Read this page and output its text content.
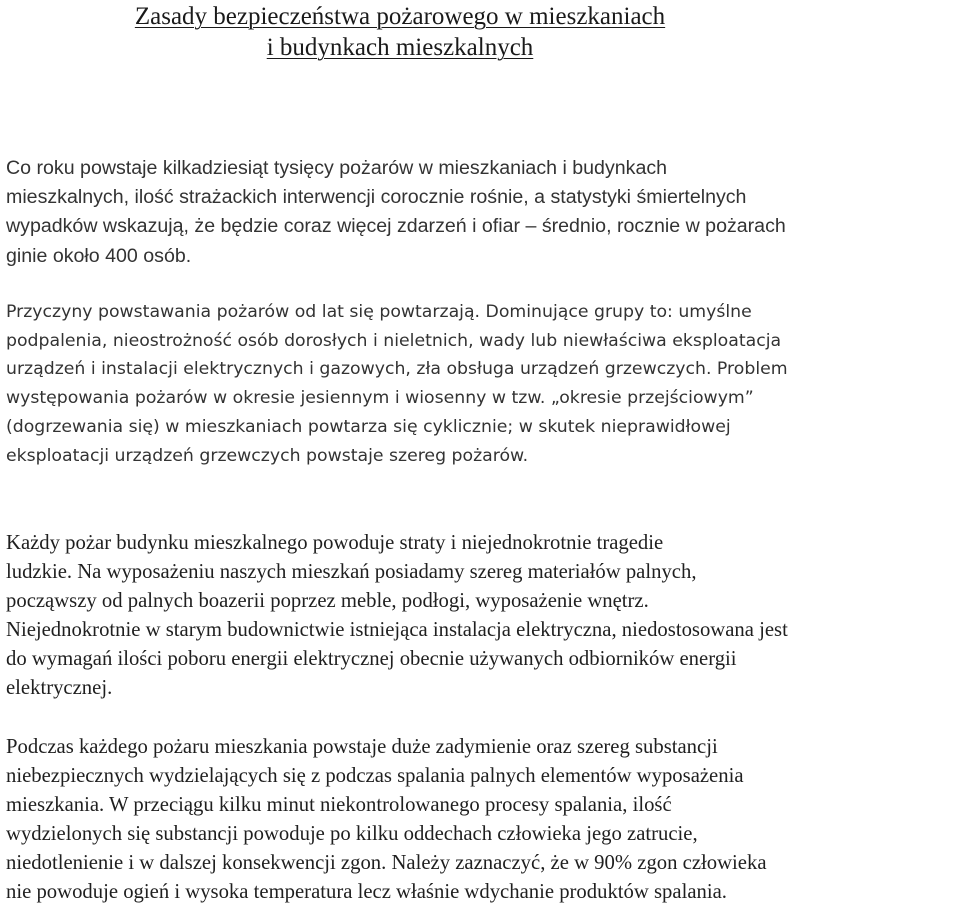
Zasady bezpieczeństwa pożarowego w mieszkaniach
i budynkach mieszkalnych
Co roku powstaje kilkadziesiąt tysięcy pożarów w mieszkaniach i budynkach
mieszkalnych, ilość strażackich interwencji corocznie rośnie, a statystyki śmiertelnych
wypadków wskazują, że będzie coraz więcej zdarzeń i ofiar – średnio, rocznie w pożarach
ginie około 400 osób.
Przyczyny powstawania pożarów od lat się powtarzają. Dominujące grupy to: umyślne
podpalenia, nieostrożność osób dorosłych i nieletnich, wady lub niewłaściwa eksploatacja
urządzeń i instalacji elektrycznych i gazowych, zła obsługa urządzeń grzewczych. Problem
występowania pożarów w okresie jesiennym i wiosenny w tzw. „okresie przejściowym”
(dogrzewania się) w mieszkaniach powtarza się cyklicznie; w skutek nieprawidłowej
eksploatacji urządzeń grzewczych powstaje szereg pożarów.
Każdy pożar budynku mieszkalnego powoduje straty i niejednokrotnie tragedie
ludzkie. Na wyposażeniu naszych mieszkań posiadamy szereg materiałów palnych,
począwszy od palnych boazerii poprzez meble, podłogi, wyposażenie wnętrz.
Niejednokrotnie w starym budownictwie istniejąca instalacja elektryczna, niedostosowana jest
do wymagań ilości poboru energii elektrycznej obecnie używanych odbiorników energii
elektrycznej.
Podczas każdego pożaru mieszkania powstaje duże zadymienie oraz szereg substancji
niebezpiecznych wydzielających się z podczas spalania palnych elementów wyposażenia
mieszkania. W przeciągu kilku minut niekontrolowanego procesy spalania, ilość
wydzielonych się substancji powoduje po kilku oddechach człowieka jego zatrucie,
niedotlenienie i w dalszej konsekwencji zgon. Należy zaznaczyć, że w 90% zgon człowieka
nie powoduje ogień i wysoka temperatura lecz właśnie wdychanie produktów spalania.
